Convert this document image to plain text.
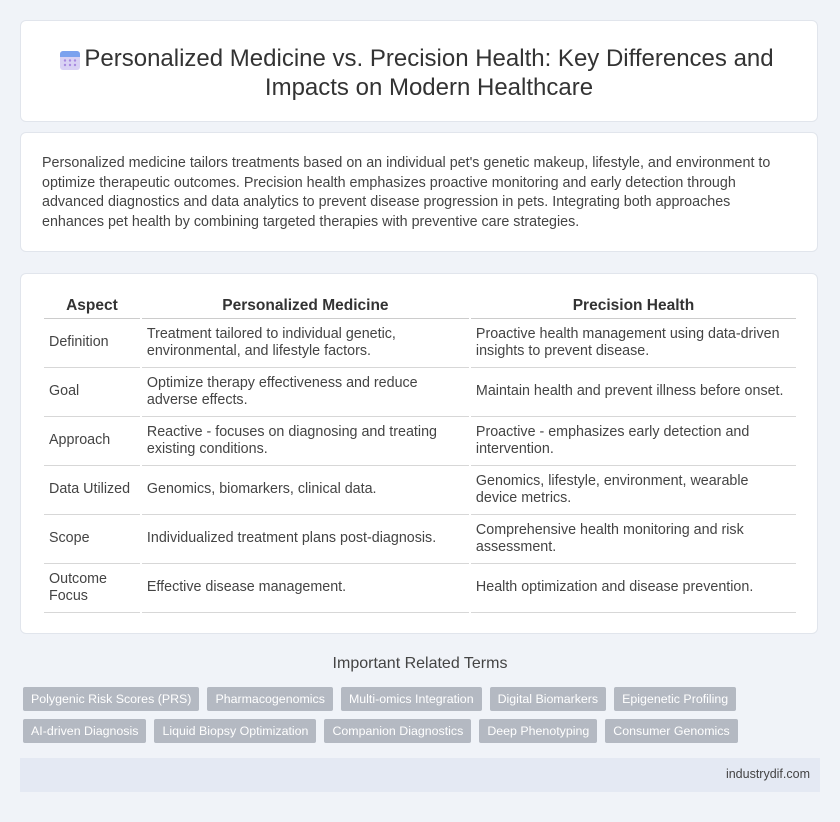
Personalized Medicine vs. Precision Health: Key Differences and Impacts on Modern Healthcare

Personalized medicine tailors treatments based on an individual pet's genetic makeup, lifestyle, and environment to optimize therapeutic outcomes. Precision health emphasizes proactive monitoring and early detection through advanced diagnostics and data analytics to prevent disease progression in pets. Integrating both approaches enhances pet health by combining targeted therapies with preventive care strategies.

Aspect	Personalized Medicine	Precision Health
Definition	Treatment tailored to individual genetic, environmental, and lifestyle factors.	Proactive health management using data-driven insights to prevent disease.
Goal	Optimize therapy effectiveness and reduce adverse effects.	Maintain health and prevent illness before onset.
Approach	Reactive - focuses on diagnosing and treating existing conditions.	Proactive - emphasizes early detection and intervention.
Data Utilized	Genomics, biomarkers, clinical data.	Genomics, lifestyle, environment, wearable device metrics.
Scope	Individualized treatment plans post-diagnosis.	Comprehensive health monitoring and risk assessment.
Outcome Focus	Effective disease management.	Health optimization and disease prevention.
Important Related Terms
Polygenic Risk Scores (PRS)	Pharmacogenomics	Multi-omics Integration	Digital Biomarkers	Epigenetic Profiling
AI-driven Diagnosis	Liquid Biopsy Optimization	Companion Diagnostics	Deep Phenotyping	Consumer Genomics
industrydif.com
